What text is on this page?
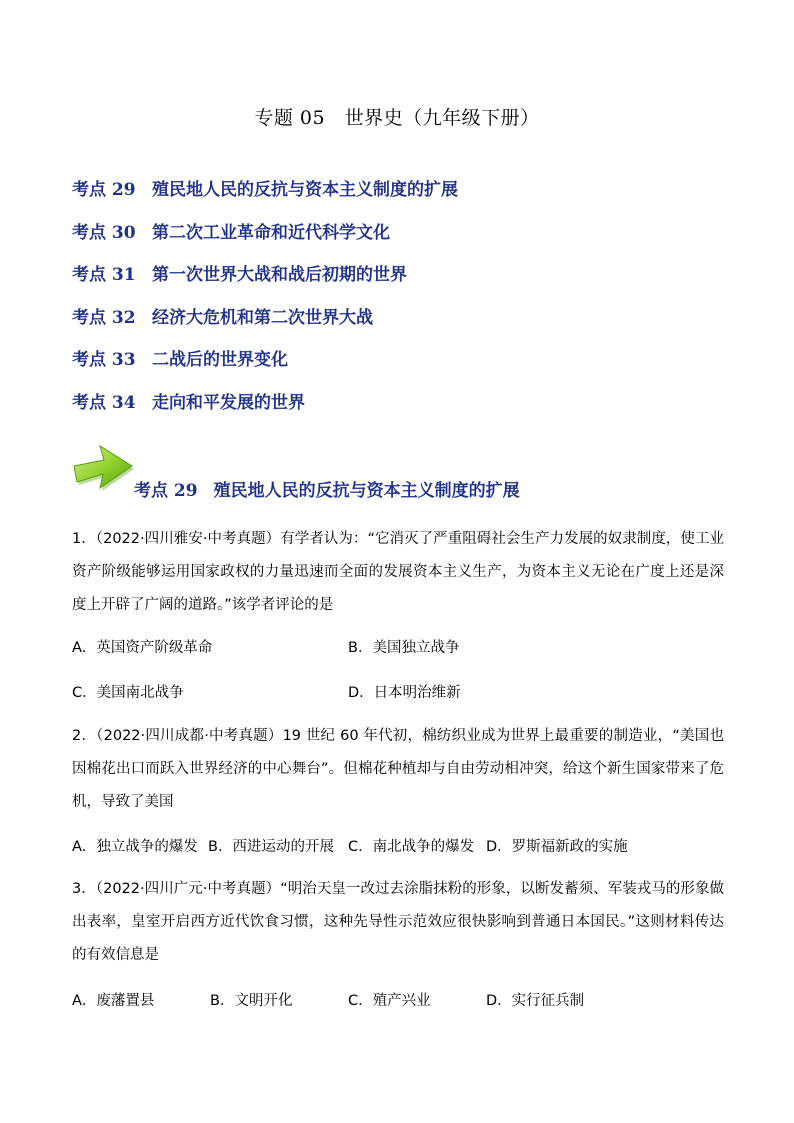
专题 05　世界史（九年级下册）
考点 29 殖民地人民的反抗与资本主义制度的扩展
考点 30 第二次工业革命和近代科学文化
考点 31 第一次世界大战和战后初期的世界
考点 32 经济大危机和第二次世界大战
考点 33 二战后的世界变化
考点 34 走向和平发展的世界
考点 29 殖民地人民的反抗与资本主义制度的扩展
1．（2022·四川雅安·中考真题）有学者认为：“它消灭了严重阻碍社会生产力发展的奴隶制度，使工业资产阶级能够运用国家政权的力量迅速而全面的发展资本主义生产，为资本主义无论在广度上还是深度上开辟了广阔的道路。”该学者评论的是
A．英国资产阶级革命	B．美国独立战争
C．美国南北战争	D．日本明治维新
2．（2022·四川成都·中考真题）19 世纪 60 年代初，棉纺织业成为世界上最重要的制造业，“美国也因棉花出口而跃入世界经济的中心舞台”。但棉花种植却与自由劳动相冲突，给这个新生国家带来了危机，导致了美国
A．独立战争的爆发 B．西进运动的开展 C．南北战争的爆发 D．罗斯福新政的实施
3．（2022·四川广元·中考真题）“明治天皇一改过去涂脂抹粉的形象，以断发蓄须、军装戎马的形象做出表率，皇室开启西方近代饮食习惯，这种先导性示范效应很快影响到普通日本国民。”这则材料传达的有效信息是
A．废藩置县	B．文明开化	C．殖产兴业	D．实行征兵制
